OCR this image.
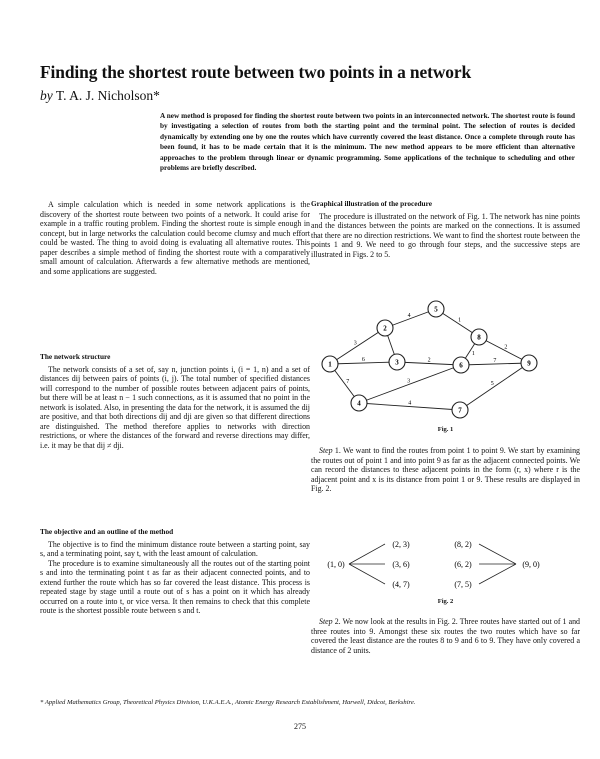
Finding the shortest route between two points in a network
by T. A. J. Nicholson*
A new method is proposed for finding the shortest route between two points in an interconnected network. The shortest route is found by investigating a selection of routes from both the starting point and the terminal point. The selection of routes is decided dynamically by extending one by one the routes which have currently covered the least distance. Once a complete through route has been found, it has to be made certain that it is the minimum. The new method appears to be more efficient than alternative approaches to the problem through linear or dynamic programming. Some applications of the technique to scheduling and other problems are briefly described.

A simple calculation which is needed in some network applications is the discovery of the shortest route between two points of a network. It could arise for example in a traffic routing problem. Finding the shortest route is simple enough in concept, but in large networks the calculation could become clumsy and much effort could be wasted. The thing to avoid doing is evaluating all alternative routes. This paper describes a simple method of finding the shortest route with a comparatively small amount of calculation. Afterwards a few alternative methods are mentioned, and some applications are suggested.

The network structure

The network consists of a set of, say n, junction points i, (i = 1, n) and a set of distances dij between pairs of points (i, j). The total number of specified distances will correspond to the number of possible routes between adjacent pairs of points, but there will be at least n − 1 such connections, as it is assumed that no point in the network is isolated. Also, in presenting the data for the network, it is assumed the dij are positive, and that both directions dij and dji are given so that different directions are distinguished. The method therefore applies to networks with direction restrictions, or where the distances of the forward and reverse directions may differ, i.e. it may be that dij ≠ dji.

The objective and an outline of the method

The objective is to find the minimum distance route between a starting point, say s, and a terminating point, say t, with the least amount of calculation.

The procedure is to examine simultaneously all the routes out of the starting point s and into the terminating point t as far as their adjacent connected points, and to extend further the route which has so far covered the least distance. This process is repeated stage by stage until a route out of s has a point on it which has already occurred on a route into t, or vice versa. It then remains to check that this complete route is the shortest possible route between s and t.

Graphical illustration of the procedure

The procedure is illustrated on the network of Fig. 1. The network has nine points and the distances between the points are marked on the connections. It is assumed that there are no direction restrictions. We want to find the shortest route between the points 1 and 9. We need to go through four steps, and the successive steps are illustrated in Figs. 2 to 5.

3
6
7
4
2
3
4
1
1
2
7
5
1
2
3
4
5
6
7
8
9
Fig. 1

Step 1. We want to find the routes from point 1 to point 9. We start by examining the routes out of point 1 and into point 9 as far as the adjacent connected points. We can record the distances to these adjacent points in the form (r, x) where r is the adjacent point and x is its distance from point 1 or 9. These results are displayed in Fig. 2.

(1, 0)
(2, 3)
(3, 6)
(4, 7)
(8, 2)
(6, 2)
(7, 5)
(9, 0)
Fig. 2

Step 2. We now look at the results in Fig. 2. Three routes have started out of 1 and three routes into 9. Amongst these six routes the two routes which have so far covered the least distance are the routes 8 to 9 and 6 to 9. They have only covered a distance of 2 units.

* Applied Mathematics Group, Theoretical Physics Division, U.K.A.E.A., Atomic Energy Research Establishment, Harwell, Didcot, Berkshire.
275
